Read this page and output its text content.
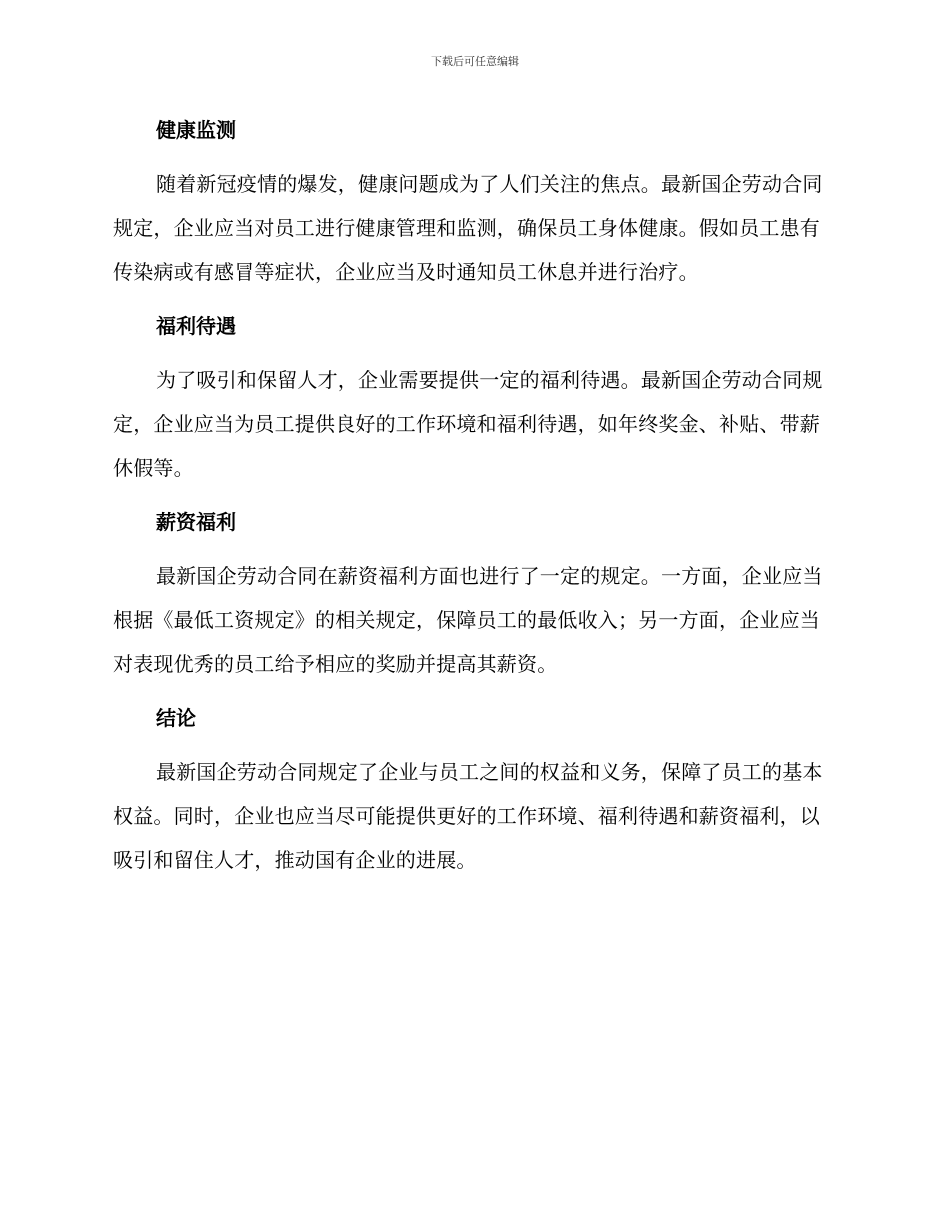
下载后可任意编辑
健康监测

随着新冠疫情的爆发，健康问题成为了人们关注的焦点。最新国企劳动合同规定，企业应当对员工进行健康管理和监测，确保员工身体健康。假如员工患有传染病或有感冒等症状，企业应当及时通知员工休息并进行治疗。

福利待遇

为了吸引和保留人才，企业需要提供一定的福利待遇。最新国企劳动合同规定，企业应当为员工提供良好的工作环境和福利待遇，如年终奖金、补贴、带薪休假等。

薪资福利

最新国企劳动合同在薪资福利方面也进行了一定的规定。一方面，企业应当根据《最低工资规定》的相关规定，保障员工的最低收入；另一方面，企业应当对表现优秀的员工给予相应的奖励并提高其薪资。

结论

最新国企劳动合同规定了企业与员工之间的权益和义务，保障了员工的基本权益。同时，企业也应当尽可能提供更好的工作环境、福利待遇和薪资福利，以吸引和留住人才，推动国有企业的进展。
